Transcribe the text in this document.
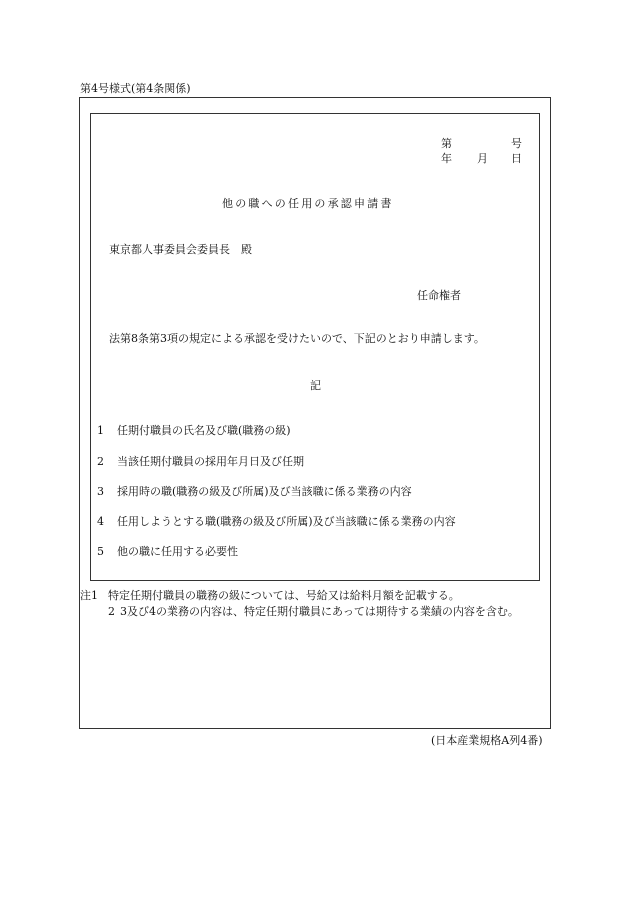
第4号様式(第4条関係)
第	号
年 月 日
他の職への任用の承認申請書
東京都人事委員会委員長　殿
任命権者
法第8条第3項の規定による承認を受けたいので、下記のとおり申請します。
記
1 任期付職員の氏名及び職(職務の級)
2 当該任期付職員の採用年月日及び任期
3 採用時の職(職務の級及び所属)及び当該職に係る業務の内容
4 任用しようとする職(職務の級及び所属)及び当該職に係る業務の内容
5 他の職に任用する必要性
注1 特定任期付職員の職務の級については、号給又は給料月額を記載する。
2 3及び4の業務の内容は、特定任期付職員にあっては期待する業績の内容を含む。
(日本産業規格A列4番)
